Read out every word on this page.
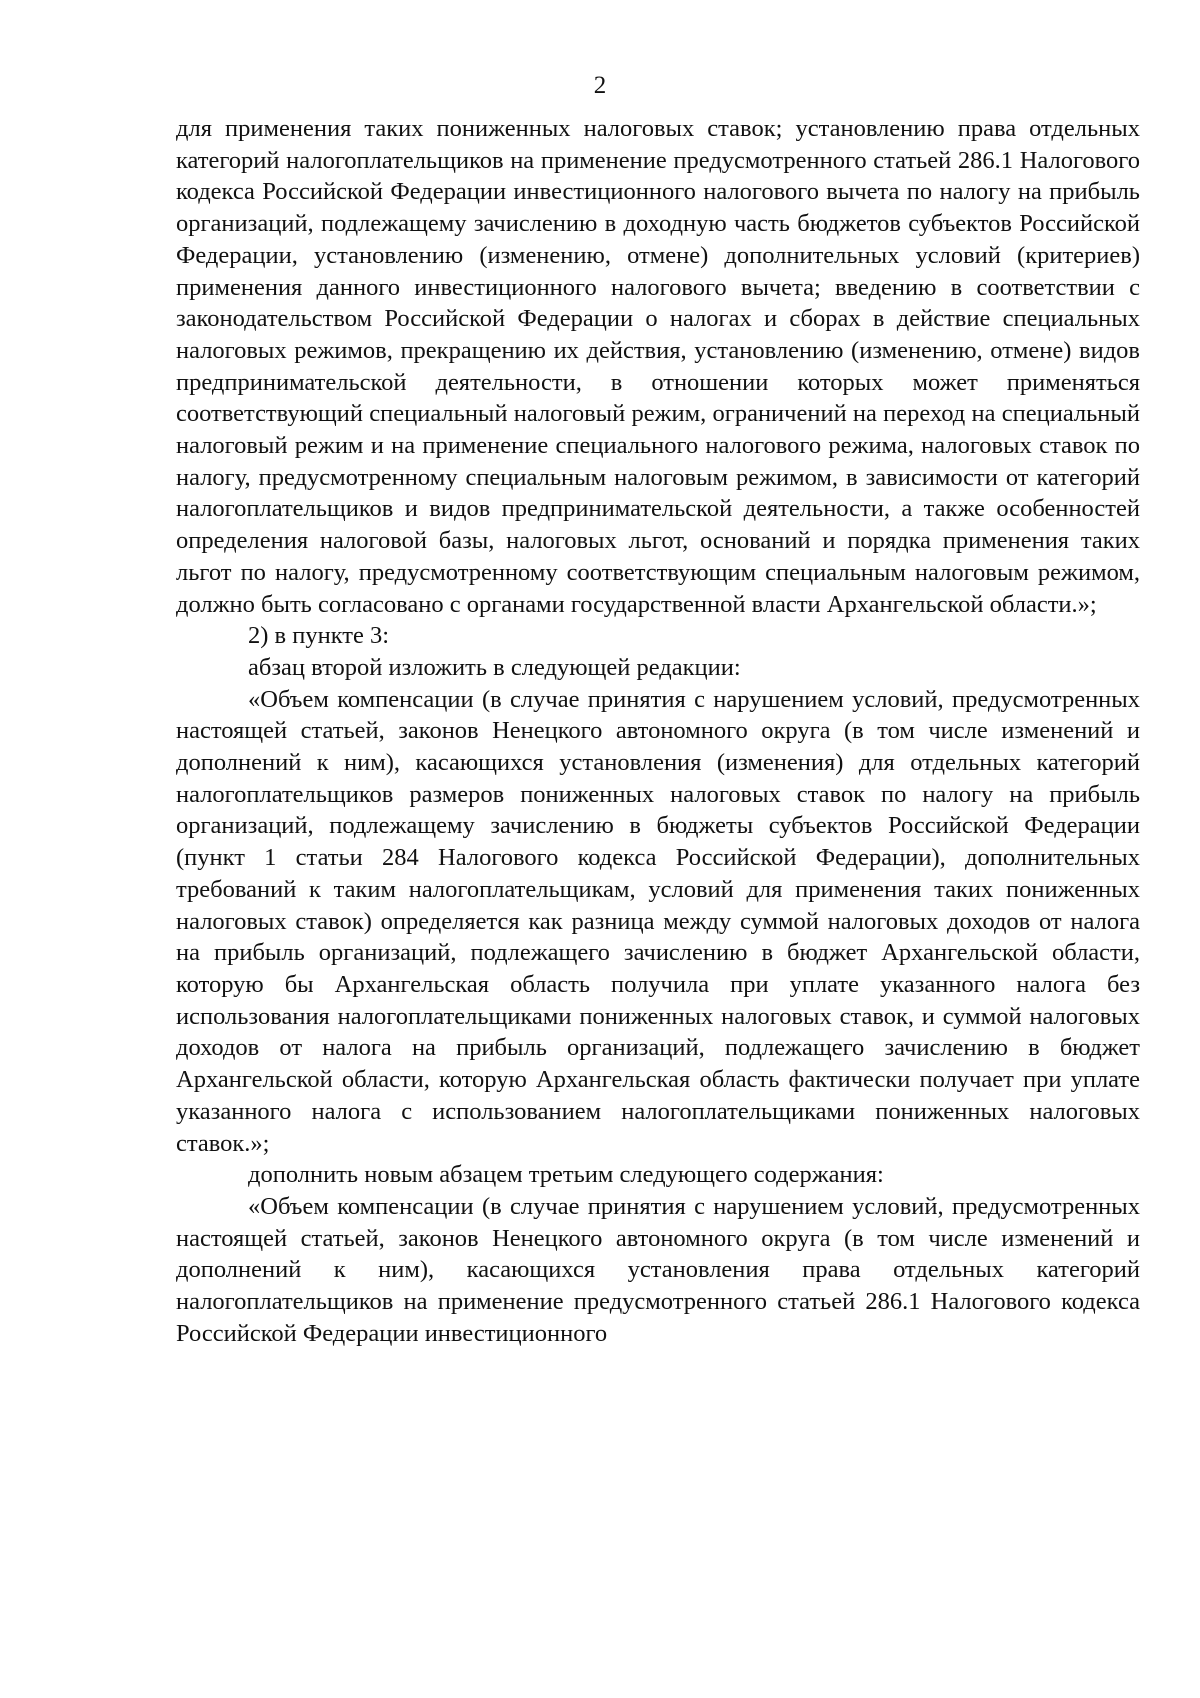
2

для применения таких пониженных налоговых ставок; установлению права отдельных категорий налогоплательщиков на применение предусмотренного статьей 286.1 Налогового кодекса Российской Федерации инвестиционного налогового вычета по налогу на прибыль организаций, подлежащему зачислению в доходную часть бюджетов субъектов Российской Федерации, установлению (изменению, отмене) дополнительных условий (критериев) применения данного инвестиционного налогового вычета; введению в соответствии с законодательством Российской Федерации о налогах и сборах в действие специальных налоговых режимов, прекращению их действия, установлению (изменению, отмене) видов предпринимательской деятельности, в отношении которых может применяться соответствующий специальный налоговый режим, ограничений на переход на специальный налоговый режим и на применение специального налогового режима, налоговых ставок по налогу, предусмотренному специальным налоговым режимом, в зависимости от категорий налогоплательщиков и видов предпринимательской деятельности, а также особенностей определения налоговой базы, налоговых льгот, оснований и порядка применения таких льгот по налогу, предусмотренному соответствующим специальным налоговым режимом, должно быть согласовано с органами государственной власти Архангельской области.»;

2) в пункте 3:

абзац второй изложить в следующей редакции:

«Объем компенсации (в случае принятия с нарушением условий, предусмотренных настоящей статьей, законов Ненецкого автономного округа (в том числе изменений и дополнений к ним), касающихся установления (изменения) для отдельных категорий налогоплательщиков размеров пониженных налоговых ставок по налогу на прибыль организаций, подлежащему зачислению в бюджеты субъектов Российской Федерации (пункт 1 статьи 284 Налогового кодекса Российской Федерации), дополнительных требований к таким налогоплательщикам, условий для применения таких пониженных налоговых ставок) определяется как разница между суммой налоговых доходов от налога на прибыль организаций, подлежащего зачислению в бюджет Архангельской области, которую бы Архангельская область получила при уплате указанного налога без использования налогоплательщиками пониженных налоговых ставок, и суммой налоговых доходов от налога на прибыль организаций, подлежащего зачислению в бюджет Архангельской области, которую Архангельская область фактически получает при уплате указанного налога с использованием налогоплательщиками пониженных налоговых ставок.»;

дополнить новым абзацем третьим следующего содержания:

«Объем компенсации (в случае принятия с нарушением условий, предусмотренных настоящей статьей, законов Ненецкого автономного округа (в том числе изменений и дополнений к ним), касающихся установления права отдельных категорий налогоплательщиков на применение предусмотренного статьей 286.1 Налогового кодекса Российской Федерации инвестиционного
